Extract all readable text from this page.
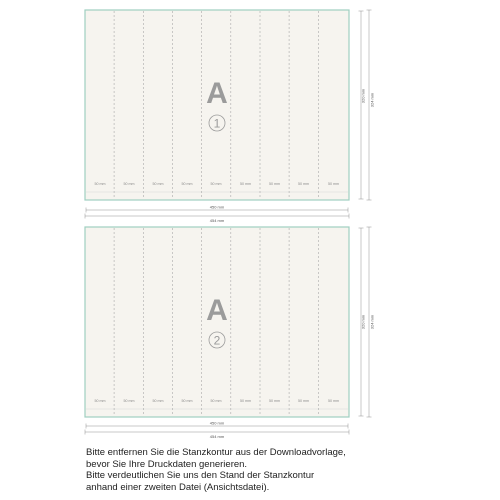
50 mm	50 mm	50 mm	50 mm	50 mm	50 mm	50 mm	50 mm	50 mm
A
1
450 mm
454 mm
320 mm 324 mm
50 mm	50 mm	50 mm	50 mm	50 mm	50 mm	50 mm	50 mm	50 mm
A
2
450 mm
454 mm
320 mm 324 mm
Bitte entfernen Sie die Stanzkontur aus der Downloadvorlage,
bevor Sie Ihre Druckdaten generieren.
Bitte verdeutlichen Sie uns den Stand der Stanzkontur
anhand einer zweiten Datei (Ansichtsdatei).
